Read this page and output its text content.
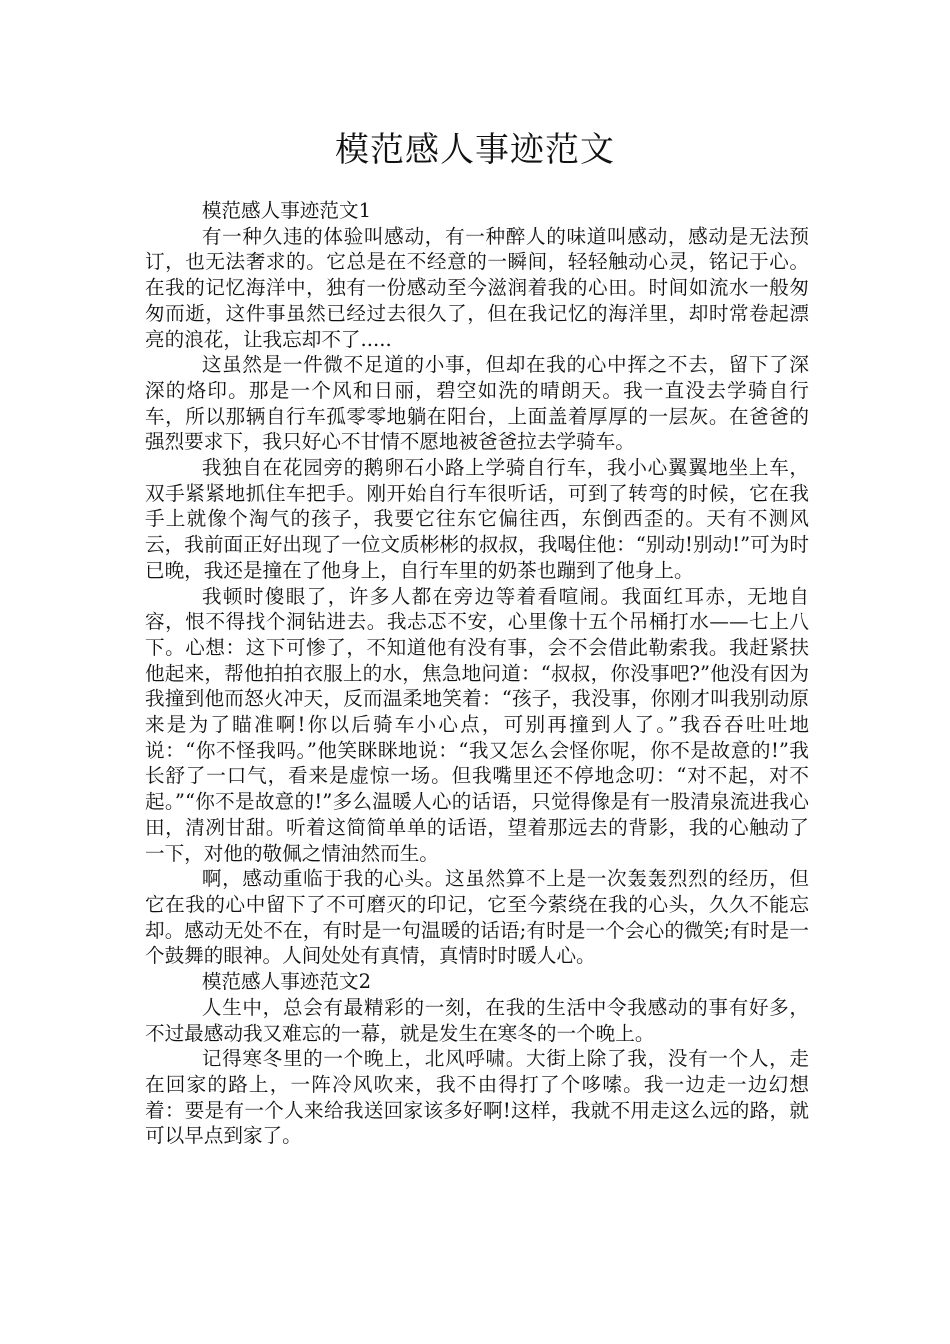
模范感人事迹范文

模范感人事迹范文1

有一种久违的体验叫感动，有一种醉人的味道叫感动，感动是无法预订，也无法奢求的。它总是在不经意的一瞬间，轻轻触动心灵，铭记于心。在我的记忆海洋中，独有一份感动至今滋润着我的心田。时间如流水一般匆匆而逝，这件事虽然已经过去很久了，但在我记忆的海洋里，却时常卷起漂亮的浪花，让我忘却不了.....

这虽然是一件微不足道的小事，但却在我的心中挥之不去，留下了深深的烙印。那是一个风和日丽，碧空如洗的晴朗天。我一直没去学骑自行车，所以那辆自行车孤零零地躺在阳台，上面盖着厚厚的一层灰。在爸爸的强烈要求下，我只好心不甘情不愿地被爸爸拉去学骑车。

我独自在花园旁的鹅卵石小路上学骑自行车，我小心翼翼地坐上车，双手紧紧地抓住车把手。刚开始自行车很听话，可到了转弯的时候，它在我手上就像个淘气的孩子，我要它往东它偏往西，东倒西歪的。天有不测风云，我前面正好出现了一位文质彬彬的叔叔，我喝住他：“别动!别动!”可为时已晚，我还是撞在了他身上，自行车里的奶茶也蹦到了他身上。

我顿时傻眼了，许多人都在旁边等着看喧闹。我面红耳赤，无地自容，恨不得找个洞钻进去。我忐忑不安，心里像十五个吊桶打水——七上八下。心想：这下可惨了，不知道他有没有事，会不会借此勒索我。我赶紧扶他起来，帮他拍拍衣服上的水，焦急地问道：“叔叔，你没事吧?”他没有因为我撞到他而怒火冲天，反而温柔地笑着：“孩子，我没事，你刚才叫我别动原来是为了瞄准啊!你以后骑车小心点，可别再撞到人了。”我吞吞吐吐地说：“你不怪我吗。”他笑眯眯地说：“我又怎么会怪你呢，你不是故意的!”我长舒了一口气，看来是虚惊一场。但我嘴里还不停地念叨：“对不起，对不起。”“你不是故意的!”多么温暖人心的话语，只觉得像是有一股清泉流进我心田，清冽甘甜。听着这简简单单的话语，望着那远去的背影，我的心触动了一下，对他的敬佩之情油然而生。

啊，感动重临于我的心头。这虽然算不上是一次轰轰烈烈的经历，但它在我的心中留下了不可磨灭的印记，它至今萦绕在我的心头，久久不能忘却。感动无处不在，有时是一句温暖的话语;有时是一个会心的微笑;有时是一个鼓舞的眼神。人间处处有真情，真情时时暖人心。

模范感人事迹范文2

人生中，总会有最精彩的一刻，在我的生活中令我感动的事有好多，不过最感动我又难忘的一幕，就是发生在寒冬的一个晚上。

记得寒冬里的一个晚上，北风呼啸。大街上除了我，没有一个人，走在回家的路上，一阵冷风吹来，我不由得打了个哆嗦。我一边走一边幻想着：要是有一个人来给我送回家该多好啊!这样，我就不用走这么远的路，就可以早点到家了。
